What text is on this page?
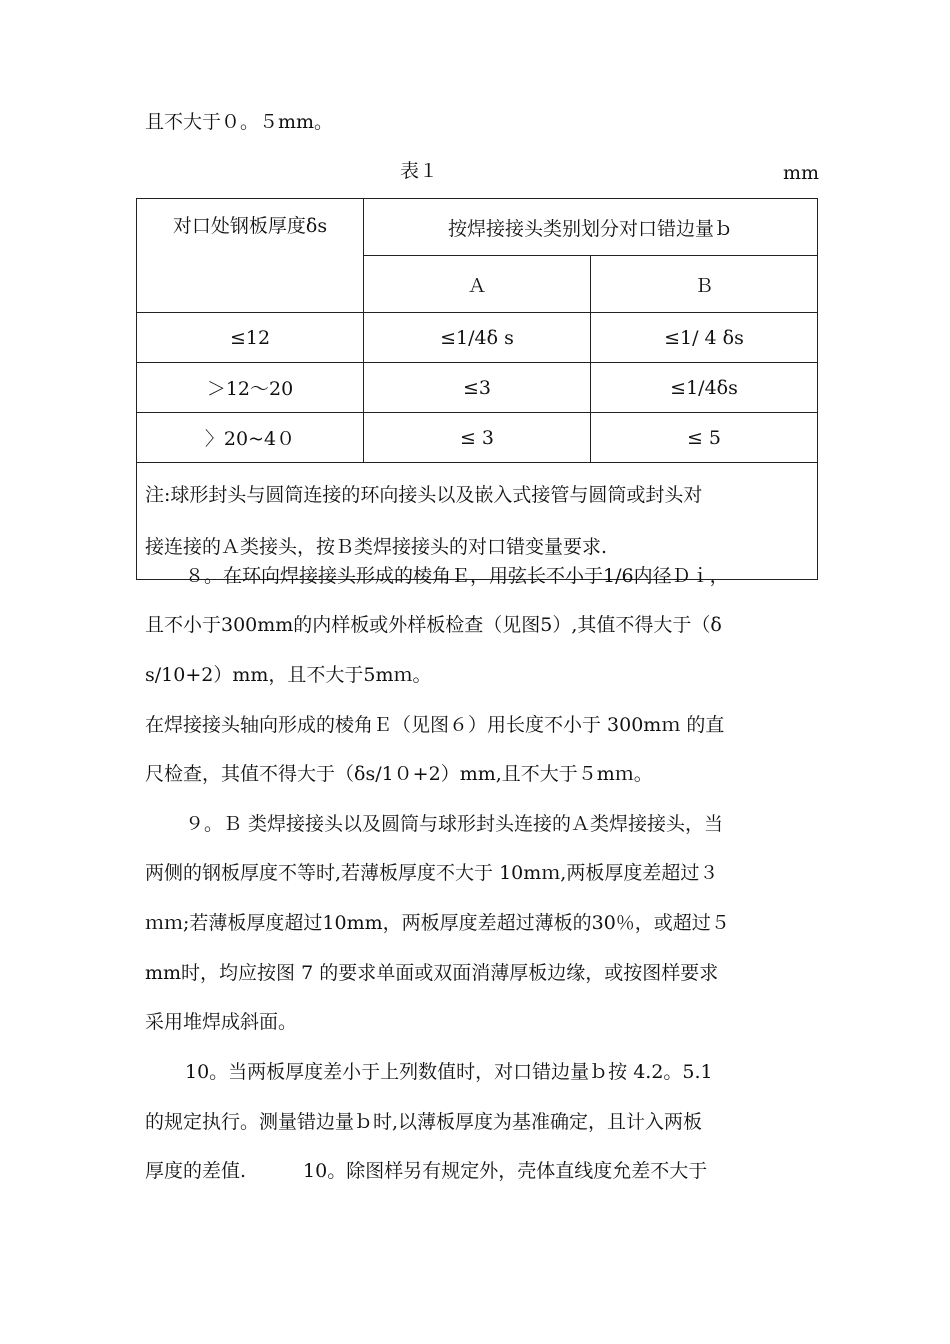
且不大于０。５mm。
表１	mm
对口处钢板厚度δs	按焊接接头类别划分对口错边量ｂ	
	Ａ	Ｂ
≤12	≤1/4δ s	≤1/ 4 δs
＞12～20	≤3	≤1/4δs
〉20~4０	≤ 3	≤ 5

注:球形封头与圆筒连接的环向接头以及嵌入式接管与圆筒或封头对
接连接的Ａ类接头，按Ｂ类焊接接头的对口错变量要求.		
８。在环向焊接接头形成的棱角Ｅ，用弦长不小于1/6内径Ｄｉ，
且不小于300mm的内样板或外样板检查（见图5）,其值不得大于（δ
s/10+2）mm，且不大于5mｍ。
在焊接接头轴向形成的棱角Ｅ（见图６）用长度不小于 300mｍ 的直
尺检查，其值不得大于（δs/1０+2）mm,且不大于５mｍ。
９。Ｂ 类焊接接头以及圆筒与球形封头连接的Ａ类焊接接头，当
两侧的钢板厚度不等时,若薄板厚度不大于 10mｍ,两板厚度差超过３
ｍｍ;若薄板厚度超过10mm，两板厚度差超过薄板的30％，或超过５
mm时，均应按图 7 的要求单面或双面消薄厚板边缘，或按图样要求
采用堆焊成斜面。
10。当两板厚度差小于上列数值时，对口错边量ｂ按 4.2。5.1
的规定执行。测量错边量ｂ时,以薄板厚度为基准确定，且计入两板
厚度的差值.　　　10。除图样另有规定外，壳体直线度允差不大于
